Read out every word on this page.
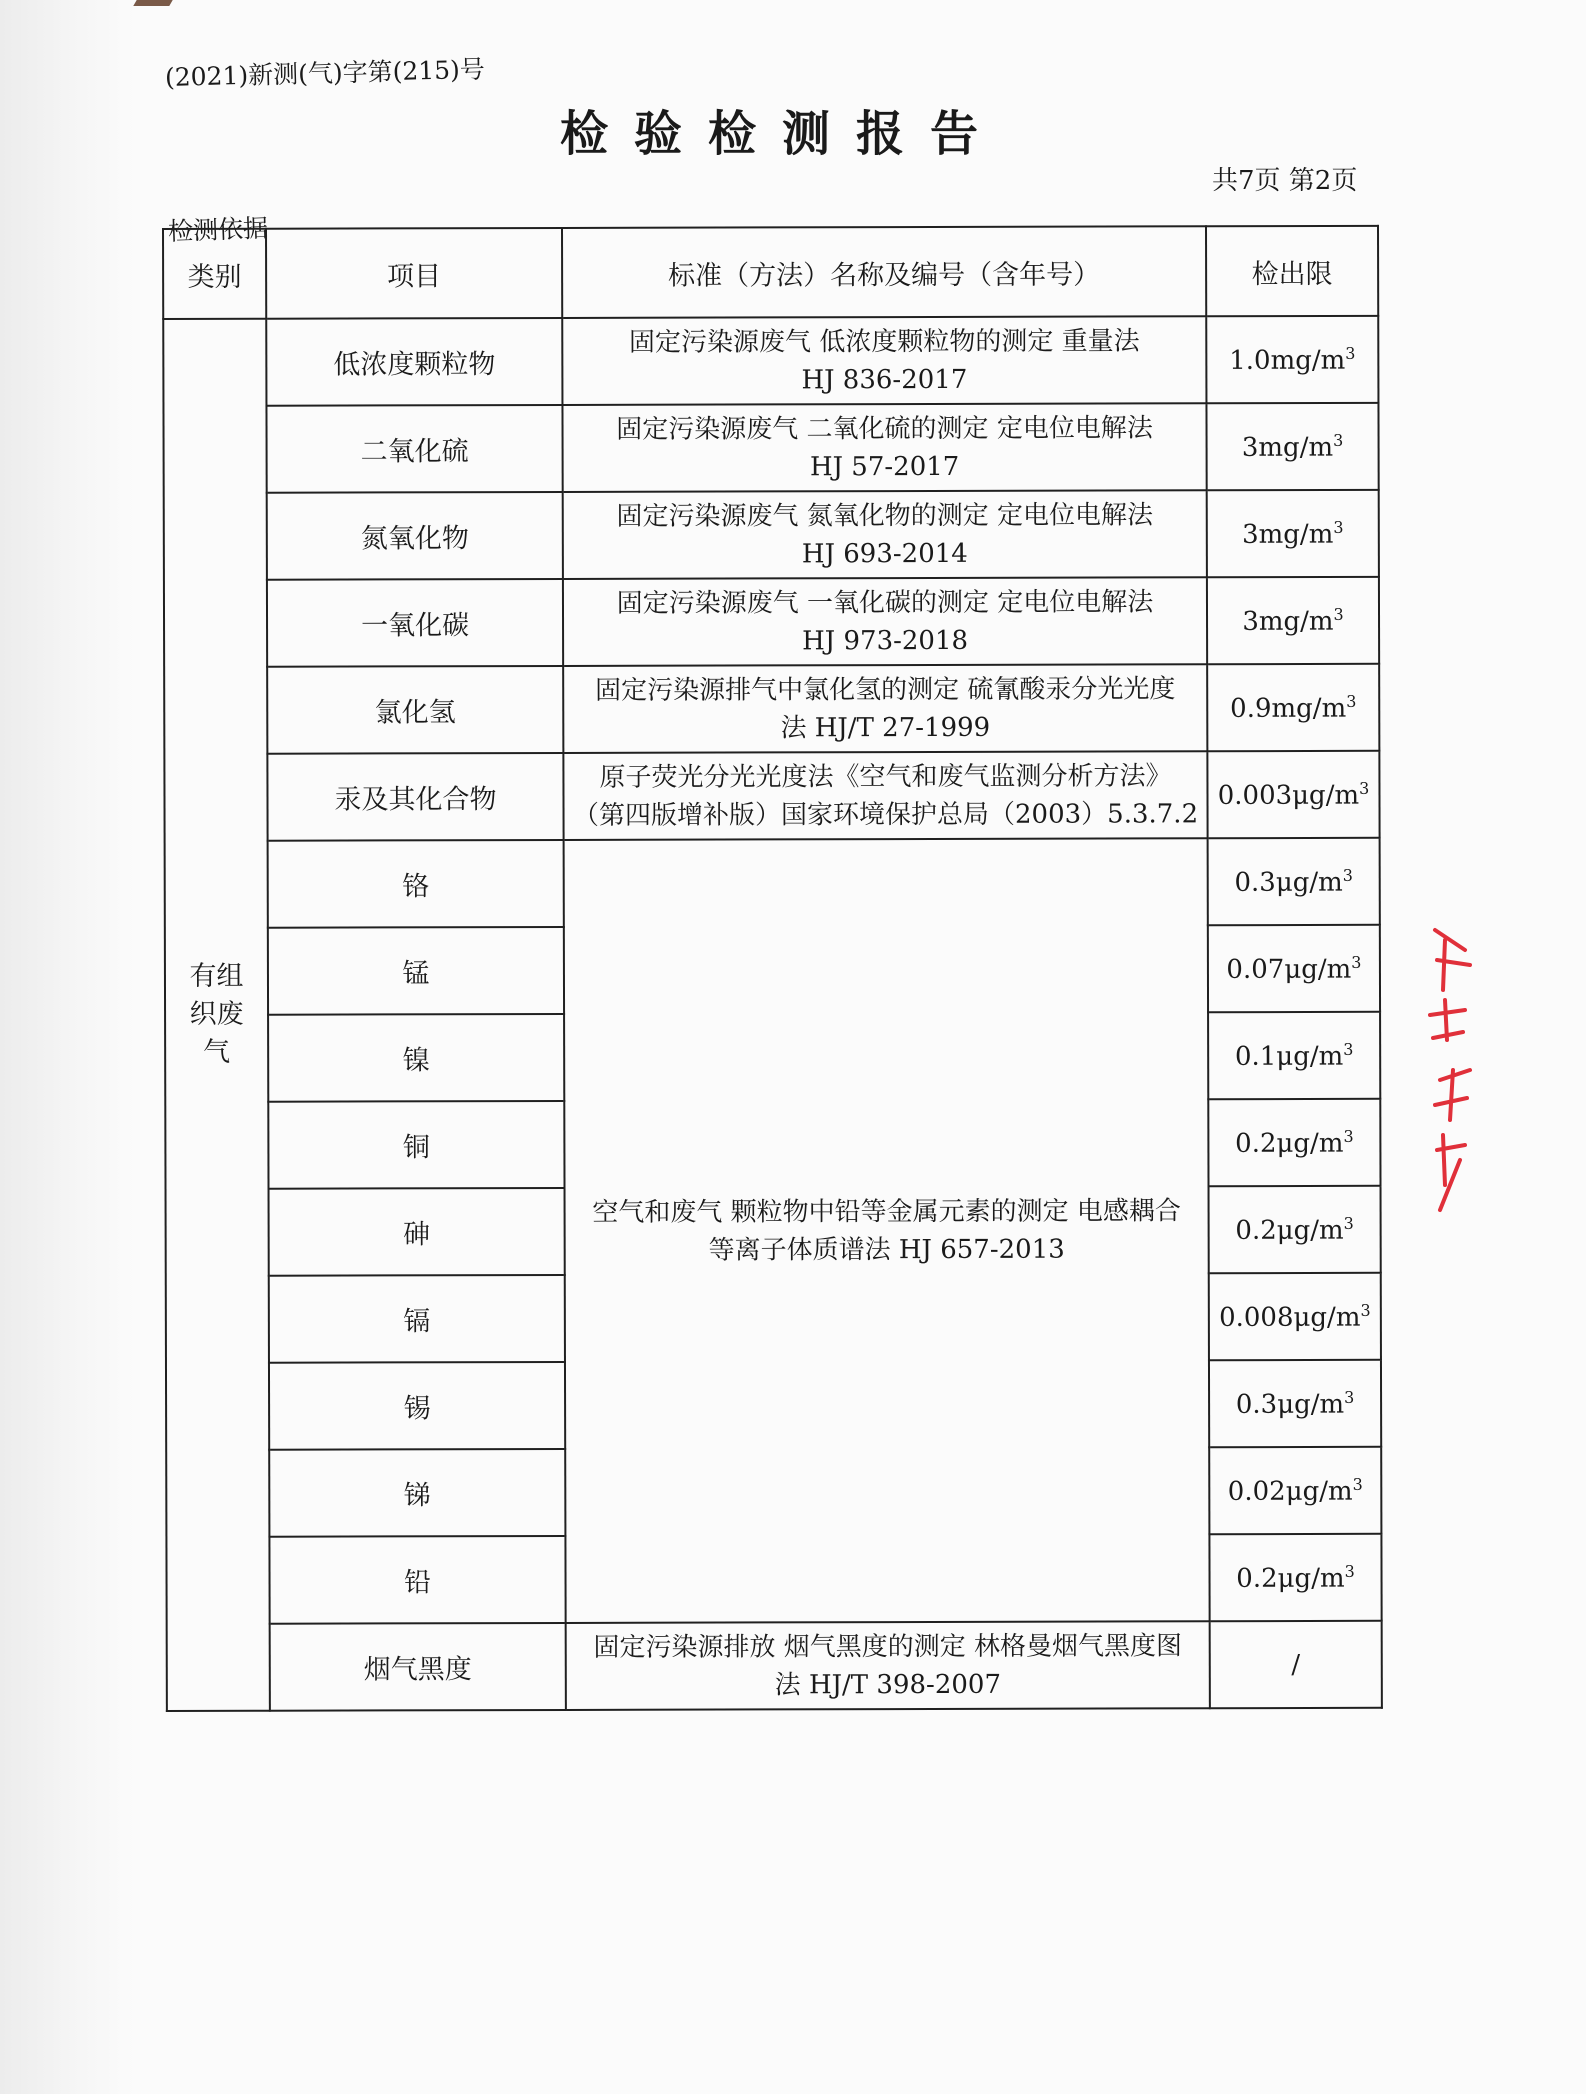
(2021)新测(气)字第(215)号
检验检测报告
共7页 第2页
检测依据
类别	项目	标准（方法）名称及编号（含年号）	检出限
有组织废气	低浓度颗粒物	固定污染源废气 低浓度颗粒物的测定 重量法
HJ 836-2017	$1.0mg/m^3$
	二氧化硫	固定污染源废气 二氧化硫的测定 定电位电解法
HJ 57-2017	$3mg/m^3$
	氮氧化物	固定污染源废气 氮氧化物的测定 定电位电解法
HJ 693-2014	$3mg/m^3$
	一氧化碳	固定污染源废气 一氧化碳的测定 定电位电解法
HJ 973-2018	$3mg/m^3$
	氯化氢	固定污染源排气中氯化氢的测定 硫氰酸汞分光光度
法 HJ/T 27-1999	$0.9mg/m^3$
	汞及其化合物	原子荧光分光光度法《空气和废气监测分析方法》
（第四版增补版）国家环境保护总局（2003）5.3.7.2	$0.003\mu g/m^3$
	铬	空气和废气 颗粒物中铅等金属元素的测定 电感耦合
等离子体质谱法 HJ 657-2013	$0.3\mu g/m^3$
	锰		$0.07\mu g/m^3$
	镍		$0.1\mu g/m^3$
	铜		$0.2\mu g/m^3$
	砷		$0.2\mu g/m^3$
	镉		$0.008\mu g/m^3$
	锡		$0.3\mu g/m^3$
	锑		$0.02\mu g/m^3$
	铅		$0.2\mu g/m^3$
	烟气黑度	固定污染源排放 烟气黑度的测定 林格曼烟气黑度图
法 HJ/T 398-2007	/
